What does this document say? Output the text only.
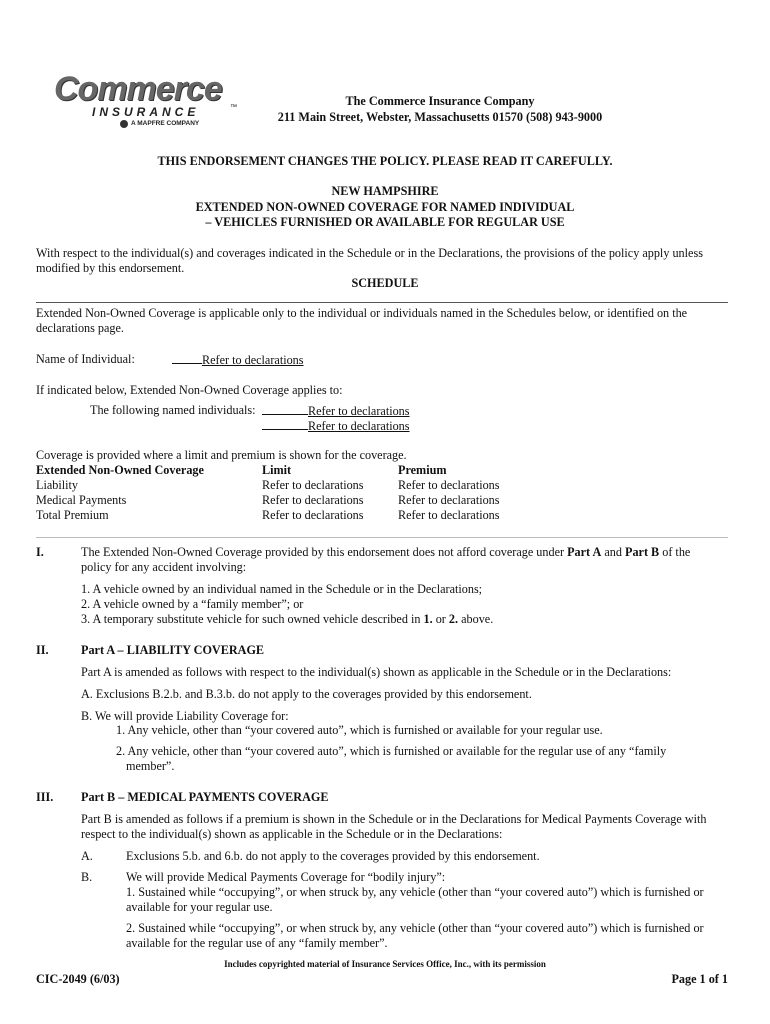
Commerce
INSURANCE	™
A MAPFRE COMPANY
The Commerce Insurance Company
211 Main Street, Webster, Massachusetts 01570 (508) 943-9000
THIS ENDORSEMENT CHANGES THE POLICY. PLEASE READ IT CAREFULLY.
NEW HAMPSHIRE
EXTENDED NON-OWNED COVERAGE FOR NAMED INDIVIDUAL
– VEHICLES FURNISHED OR AVAILABLE FOR REGULAR USE
With respect to the individual(s) and coverages indicated in the Schedule or in the Declarations, the provisions of the policy apply unless
modified by this endorsement.
SCHEDULE
Extended Non-Owned Coverage is applicable only to the individual or individuals named in the Schedules below, or identified on the
declarations page.
Name of Individual:	Refer to declarations
If indicated below, Extended Non-Owned Coverage applies to:
The following named individuals:	Refer to declarations
Refer to declarations
Coverage is provided where a limit and premium is shown for the coverage.
Extended Non-Owned Coverage	Limit	Premium
Liability	Refer to declarations	Refer to declarations
Medical Payments	Refer to declarations	Refer to declarations
Total Premium	Refer to declarations	Refer to declarations
I.	The Extended Non-Owned Coverage provided by this endorsement does not afford coverage under Part A and Part B of the
policy for any accident involving:
1. A vehicle owned by an individual named in the Schedule or in the Declarations;
2. A vehicle owned by a “family member”; or
3. A temporary substitute vehicle for such owned vehicle described in 1. or 2. above.
II.	Part A – LIABILITY COVERAGE
Part A is amended as follows with respect to the individual(s) shown as applicable in the Schedule or in the Declarations:
A. Exclusions B.2.b. and B.3.b. do not apply to the coverages provided by this endorsement.
B. We will provide Liability Coverage for:
1. Any vehicle, other than “your covered auto”, which is furnished or available for your regular use.
2. Any vehicle, other than “your covered auto”, which is furnished or available for the regular use of any “family
member”.
III. Part B – MEDICAL PAYMENTS COVERAGE
Part B is amended as follows if a premium is shown in the Schedule or in the Declarations for Medical Payments Coverage with
respect to the individual(s) shown as applicable in the Schedule or in the Declarations:
A.	Exclusions 5.b. and 6.b. do not apply to the coverages provided by this endorsement.
B.	We will provide Medical Payments Coverage for “bodily injury”:
1. Sustained while “occupying”, or when struck by, any vehicle (other than “your covered auto”) which is furnished or
available for your regular use.
2. Sustained while “occupying”, or when struck by, any vehicle (other than “your covered auto”) which is furnished or
available for the regular use of any “family member”.
Includes copyrighted material of Insurance Services Office, Inc., with its permission
CIC-2049 (6/03)	Page 1 of 1
